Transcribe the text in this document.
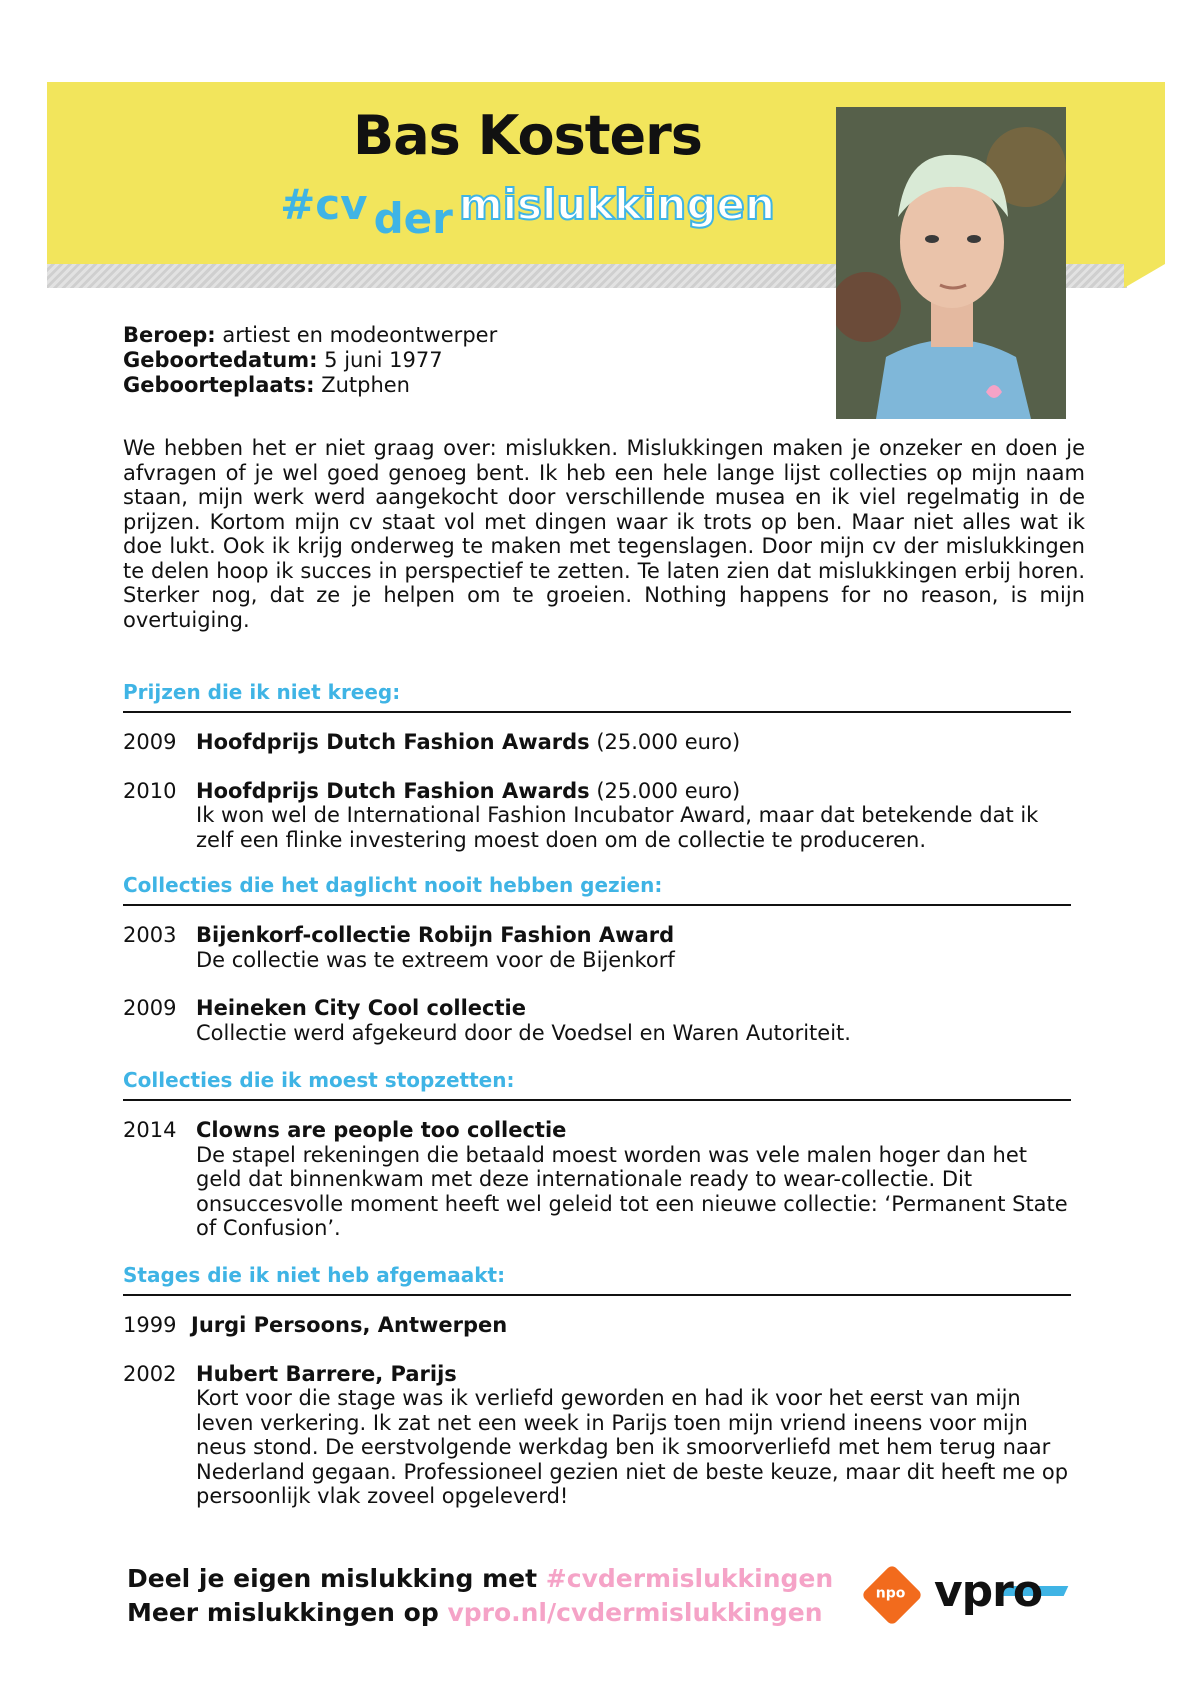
Bas Kosters
#cv der mislukkingen
Beroep: artiest en modeontwerper
Geboortedatum: 5 juni 1977
Geboorteplaats: Zutphen

We hebben het er niet graag over: mislukken. Mislukkingen maken je onzeker en doen je afvragen of je wel goed genoeg bent. Ik heb een hele lange lijst collecties op mijn naam staan, mijn werk werd aangekocht door verschillende musea en ik viel regelmatig in de prijzen. Kortom mijn cv staat vol met dingen waar ik trots op ben. Maar niet alles wat ik doe lukt. Ook ik krijg onderweg te maken met tegenslagen. Door mijn cv der mislukkingen te delen hoop ik succes in perspectief te zetten. Te laten zien dat mislukkingen erbij horen. Sterker nog, dat ze je helpen om te groeien. Nothing happens for no reason, is mijn overtuiging.

Prijzen die ik niet kreeg:
2009 Hoofdprijs Dutch Fashion Awards (25.000 euro)
2010 Hoofdprijs Dutch Fashion Awards (25.000 euro)
Ik won wel de International Fashion Incubator Award, maar dat betekende dat ik zelf een flinke investering moest doen om de collectie te produceren.
Collecties die het daglicht nooit hebben gezien:
2003 Bijenkorf-collectie Robijn Fashion Award
De collectie was te extreem voor de Bijenkorf
2009 Heineken City Cool collectie
Collectie werd afgekeurd door de Voedsel en Waren Autoriteit.
Collecties die ik moest stopzetten:
2014 Clowns are people too collectie
De stapel rekeningen die betaald moest worden was vele malen hoger dan het geld dat binnenkwam met deze internationale ready to wear-collectie. Dit onsuccesvolle moment heeft wel geleid tot een nieuwe collectie: ‘Permanent State of Confusion’.
Stages die ik niet heb afgemaakt:
1999 Jurgi Persoons, Antwerpen
2002 Hubert Barrere, Parijs
Kort voor die stage was ik verliefd geworden en had ik voor het eerst van mijn leven verkering. Ik zat net een week in Parijs toen mijn vriend ineens voor mijn neus stond. De eerstvolgende werkdag ben ik smoorverliefd met hem terug naar Nederland gegaan. Professioneel gezien niet de beste keuze, maar dit heeft me op persoonlijk vlak zoveel opgeleverd!
Deel je eigen mislukking met #cvdermislukkingen
Meer mislukkingen op vpro.nl/cvdermislukkingen
npo vpro
